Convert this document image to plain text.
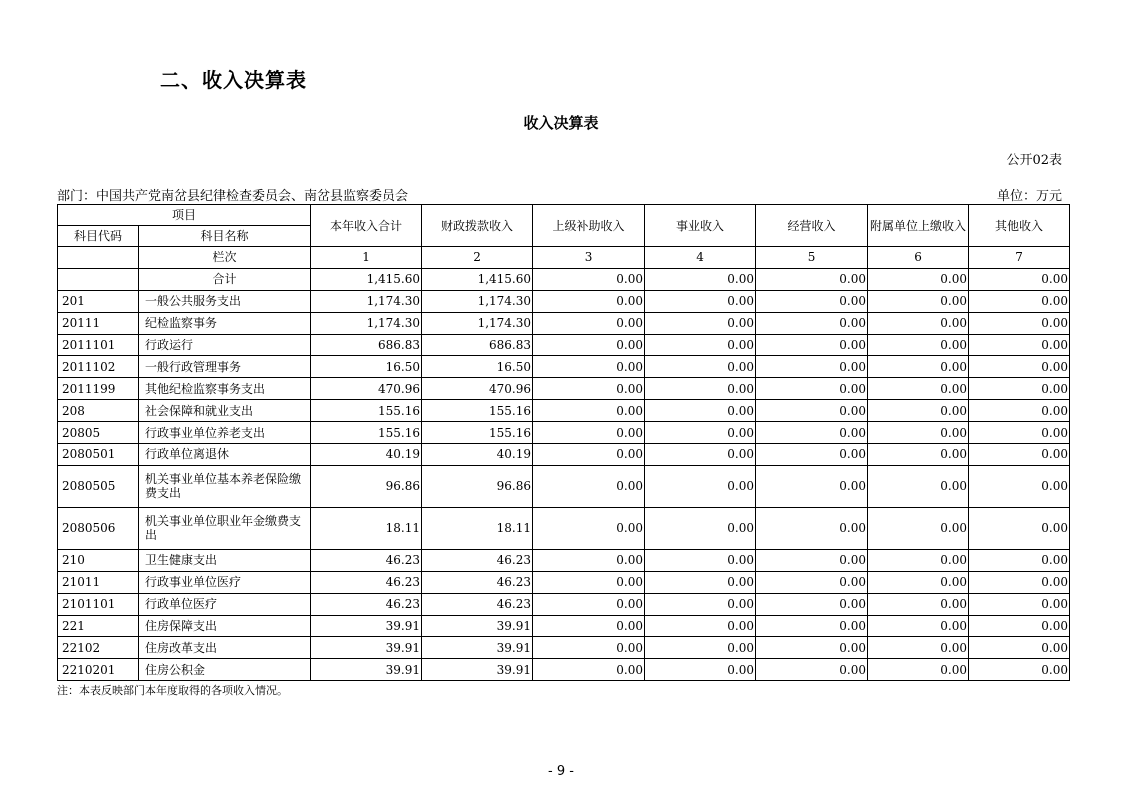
二、收入决算表
收入决算表
公开02表
部门：中国共产党南岔县纪律检查委员会、南岔县监察委员会	单位：万元
项目		本年收入合计	财政拨款收入	上级补助收入	事业收入	经营收入	附属单位上缴收入	其他收入
科目代码	科目名称							
	栏次	1	2	3	4	5	6	7
	合计	1,415.60	1,415.60	0.00	0.00	0.00	0.00	0.00
201	一般公共服务支出	1,174.30	1,174.30	0.00	0.00	0.00	0.00	0.00
20111	纪检监察事务	1,174.30	1,174.30	0.00	0.00	0.00	0.00	0.00
2011101	行政运行	686.83	686.83	0.00	0.00	0.00	0.00	0.00
2011102	一般行政管理事务	16.50	16.50	0.00	0.00	0.00	0.00	0.00
2011199	其他纪检监察事务支出	470.96	470.96	0.00	0.00	0.00	0.00	0.00
208	社会保障和就业支出	155.16	155.16	0.00	0.00	0.00	0.00	0.00
20805	行政事业单位养老支出	155.16	155.16	0.00	0.00	0.00	0.00	0.00
2080501	行政单位离退休	40.19	40.19	0.00	0.00	0.00	0.00	0.00
2080505	机关事业单位基本养老保险缴费支出	96.86	96.86	0.00	0.00	0.00	0.00	0.00
2080506	机关事业单位职业年金缴费支出	18.11	18.11	0.00	0.00	0.00	0.00	0.00
210	卫生健康支出	46.23	46.23	0.00	0.00	0.00	0.00	0.00
21011	行政事业单位医疗	46.23	46.23	0.00	0.00	0.00	0.00	0.00
2101101	行政单位医疗	46.23	46.23	0.00	0.00	0.00	0.00	0.00
221	住房保障支出	39.91	39.91	0.00	0.00	0.00	0.00	0.00
22102	住房改革支出	39.91	39.91	0.00	0.00	0.00	0.00	0.00
2210201	住房公积金	39.91	39.91	0.00	0.00	0.00	0.00	0.00
注：本表反映部门本年度取得的各项收入情况。
- 9 -
